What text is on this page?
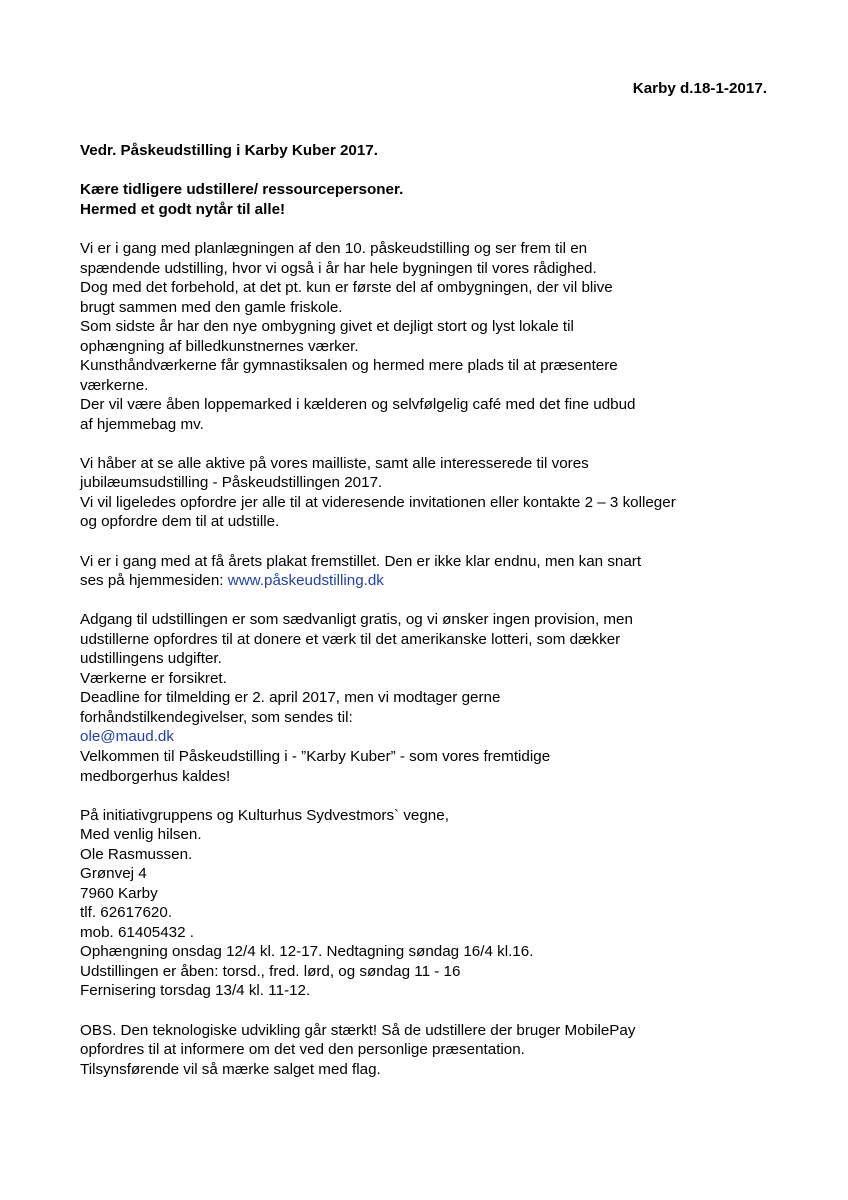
Karby d.18-1-2017.
Vedr. Påskeudstilling i Karby Kuber 2017.
Kære tidligere udstillere/ ressourcepersoner.
Hermed et godt nytår til alle!
Vi er i gang med planlægningen af den 10. påskeudstilling og ser frem til en
spændende udstilling, hvor vi også i år har hele bygningen til vores rådighed.
Dog med det forbehold, at det pt. kun er første del af ombygningen, der vil blive
brugt sammen med den gamle friskole.
Som sidste år har den nye ombygning givet et dejligt stort og lyst lokale til
ophængning af billedkunstnernes værker.
Kunsthåndværkerne får gymnastiksalen og hermed mere plads til at præsentere
værkerne.
Der vil være åben loppemarked i kælderen og selvfølgelig café med det fine udbud
af hjemmebag mv.
Vi håber at se alle aktive på vores mailliste, samt alle interesserede til vores
jubilæumsudstilling - Påskeudstillingen 2017.
Vi vil ligeledes opfordre jer alle til at videresende invitationen eller kontakte 2 – 3 kolleger
og opfordre dem til at udstille.
Vi er i gang med at få årets plakat fremstillet. Den er ikke klar endnu, men kan snart
ses på hjemmesiden: www.påskeudstilling.dk
Adgang til udstillingen er som sædvanligt gratis, og vi ønsker ingen provision, men
udstillerne opfordres til at donere et værk til det amerikanske lotteri, som dækker
udstillingens udgifter.
Værkerne er forsikret.
Deadline for tilmelding er 2. april 2017, men vi modtager gerne
forhåndstilkendegivelser, som sendes til:
ole@maud.dk
Velkommen til Påskeudstilling i - ”Karby Kuber” - som vores fremtidige
medborgerhus kaldes!
På initiativgruppens og Kulturhus Sydvestmors` vegne,
Med venlig hilsen.
Ole Rasmussen.
Grønvej 4
7960 Karby
tlf. 62617620.
mob. 61405432 .
Ophængning onsdag 12/4 kl. 12-17. Nedtagning søndag 16/4 kl.16.
Udstillingen er åben: torsd., fred. lørd, og søndag 11 - 16
Fernisering torsdag 13/4 kl. 11-12.
OBS. Den teknologiske udvikling går stærkt! Så de udstillere der bruger MobilePay
opfordres til at informere om det ved den personlige præsentation.
Tilsynsførende vil så mærke salget med flag.
